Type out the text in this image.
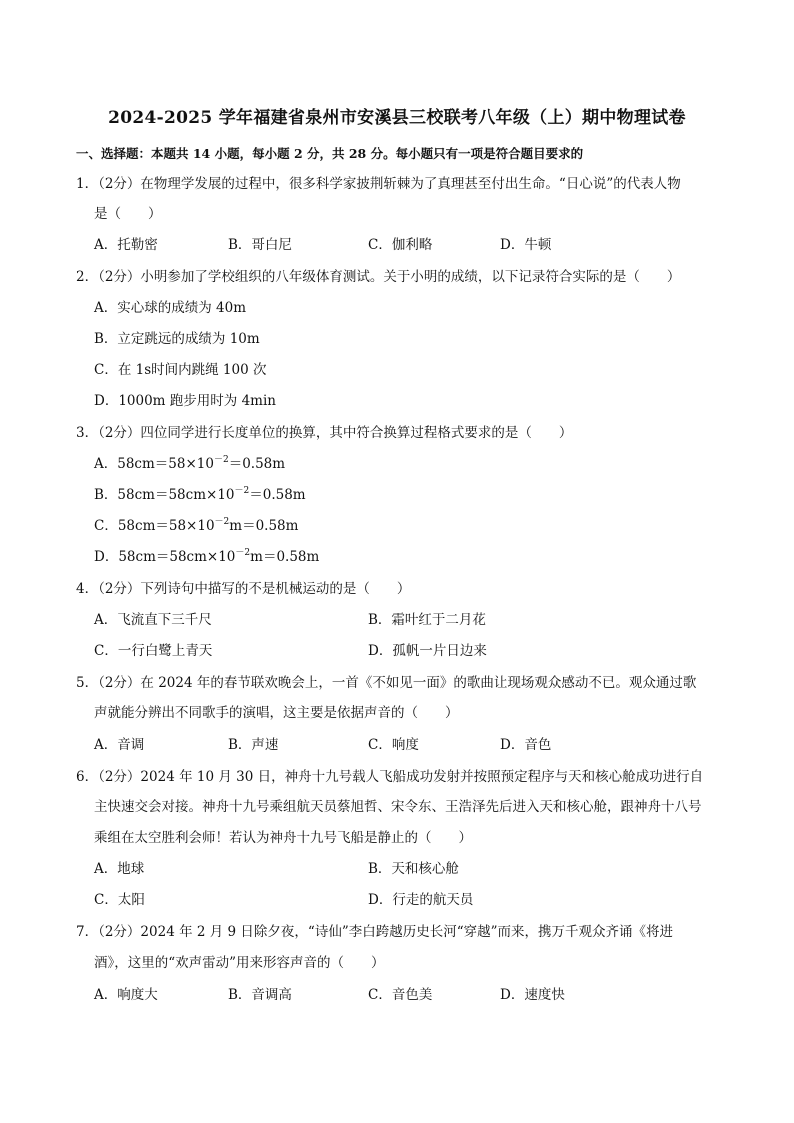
2024-2025 学年福建省泉州市安溪县三校联考八年级（上）期中物理试卷
一、选择题：本题共 14 小题，每小题 2 分，共 28 分。每小题只有一项是符合题目要求的
1．（2分）在物理学发展的过程中，很多科学家披荆斩棘为了真理甚至付出生命。“日心说”的代表人物
是（　　）
A．托勒密	B．哥白尼	C．伽利略	D．牛顿
2．（2分）小明参加了学校组织的八年级体育测试。关于小明的成绩，以下记录符合实际的是（　　）
A．实心球的成绩为 40m
B．立定跳远的成绩为 10m
C．在 1s时间内跳绳 100 次
D．1000m 跑步用时为 4min
3．（2分）四位同学进行长度单位的换算，其中符合换算过程格式要求的是（　　）
A．$58cm=58\times 10^{-2}=0.58m$
B．$58cm=58cm\times 10^{-2}=0.58m$
C．$58cm=58\times 10^{-2}m=0.58m$
D．$58cm=58cm\times 10^{-2}m=0.58m$
4．（2分）下列诗句中描写的不是机械运动的是（　　）
A．飞流直下三千尺	B．霜叶红于二月花
C．一行白鹭上青天	D．孤帆一片日边来
5．（2分）在 2024 年的春节联欢晚会上，一首《不如见一面》的歌曲让现场观众感动不已。观众通过歌
声就能分辨出不同歌手的演唱，这主要是依据声音的（　　）
A．音调	B．声速	C．响度	D．音色
6．（2分）2024 年 10 月 30 日，神舟十九号载人飞船成功发射并按照预定程序与天和核心舱成功进行自
主快速交会对接。神舟十九号乘组航天员蔡旭哲、宋令东、王浩泽先后进入天和核心舱，跟神舟十八号
乘组在太空胜利会师！若认为神舟十九号飞船是静止的（　　）
A．地球	B．天和核心舱
C．太阳	D．行走的航天员
7．（2分）2024 年 2 月 9 日除夕夜，“诗仙”李白跨越历史长河“穿越”而来，携万千观众齐诵《将进
酒》，这里的“欢声雷动”用来形容声音的（　　）
A．响度大	B．音调高	C．音色美	D．速度快
